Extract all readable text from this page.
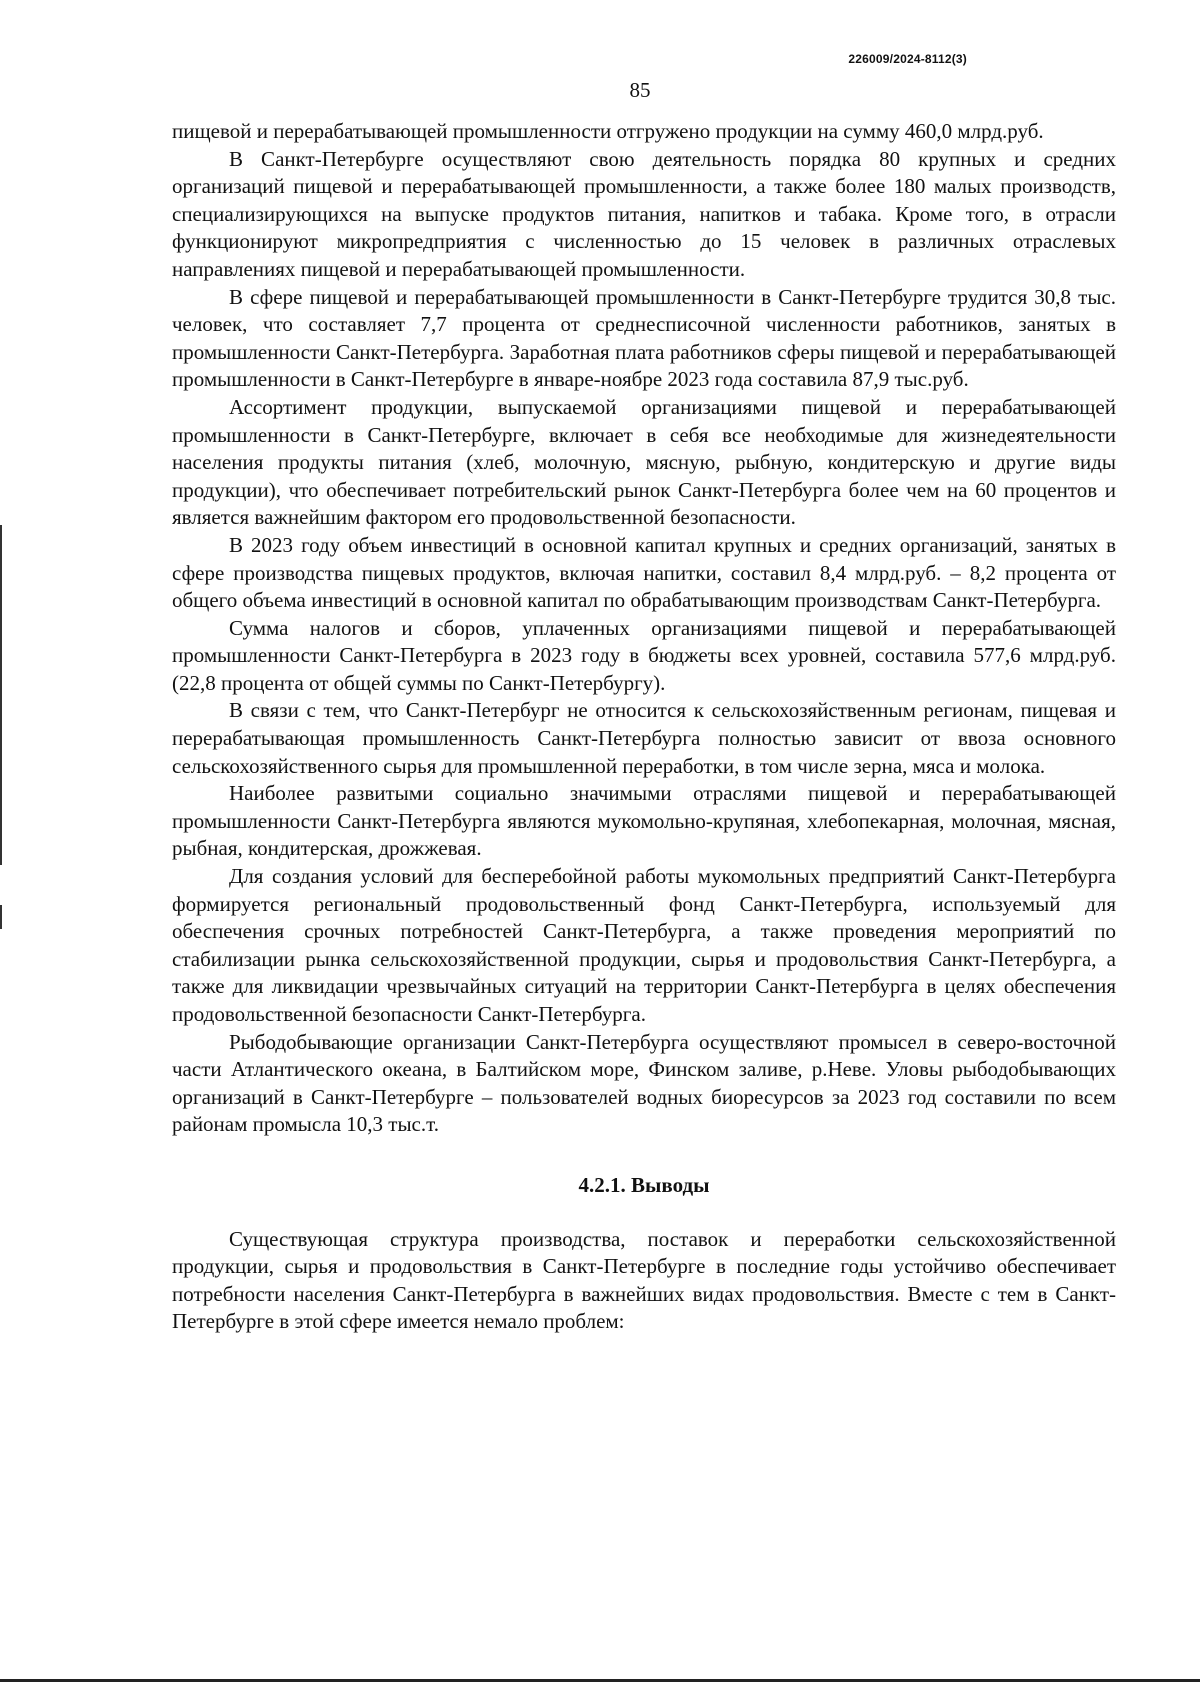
226009/2024-8112(3)
85

пищевой и перерабатывающей промышленности отгружено продукции на сумму 460,0 млрд.руб.

В Санкт-Петербурге осуществляют свою деятельность порядка 80 крупных и средних организаций пищевой и перерабатывающей промышленности, а также более 180 малых производств, специализирующихся на выпуске продуктов питания, напитков и табака. Кроме того, в отрасли функционируют микропредприятия с численностью до 15 человек в различных отраслевых направлениях пищевой и перерабатывающей промышленности.

В сфере пищевой и перерабатывающей промышленности в Санкт-Петербурге трудится 30,8 тыс. человек, что составляет 7,7 процента от среднесписочной численности работников, занятых в промышленности Санкт-Петербурга. Заработная плата работников сферы пищевой и перерабатывающей промышленности в Санкт-Петербурге в январе-ноябре 2023 года составила 87,9 тыс.руб.

Ассортимент продукции, выпускаемой организациями пищевой и перерабатывающей промышленности в Санкт-Петербурге, включает в себя все необходимые для жизнедеятельности населения продукты питания (хлеб, молочную, мясную, рыбную, кондитерскую и другие виды продукции), что обеспечивает потребительский рынок Санкт-Петербурга более чем на 60 процентов и является важнейшим фактором его продовольственной безопасности.

В 2023 году объем инвестиций в основной капитал крупных и средних организаций, занятых в сфере производства пищевых продуктов, включая напитки, составил 8,4 млрд.руб. – 8,2 процента от общего объема инвестиций в основной капитал по обрабатывающим производствам Санкт-Петербурга.

Сумма налогов и сборов, уплаченных организациями пищевой и перерабатывающей промышленности Санкт-Петербурга в 2023 году в бюджеты всех уровней, составила 577,6 млрд.руб. (22,8 процента от общей суммы по Санкт-Петербургу).

В связи с тем, что Санкт-Петербург не относится к сельскохозяйственным регионам, пищевая и перерабатывающая промышленность Санкт-Петербурга полностью зависит от ввоза основного сельскохозяйственного сырья для промышленной переработки, в том числе зерна, мяса и молока.

Наиболее развитыми социально значимыми отраслями пищевой и перерабатывающей промышленности Санкт-Петербурга являются мукомольно-крупяная, хлебопекарная, молочная, мясная, рыбная, кондитерская, дрожжевая.

Для создания условий для бесперебойной работы мукомольных предприятий Санкт-Петербурга формируется региональный продовольственный фонд Санкт-Петербурга, используемый для обеспечения срочных потребностей Санкт-Петербурга, а также проведения мероприятий по стабилизации рынка сельскохозяйственной продукции, сырья и продовольствия Санкт-Петербурга, а также для ликвидации чрезвычайных ситуаций на территории Санкт-Петербурга в целях обеспечения продовольственной безопасности Санкт-Петербурга.

Рыбодобывающие организации Санкт-Петербурга осуществляют промысел в северо-восточной части Атлантического океана, в Балтийском море, Финском заливе, р.Неве. Уловы рыбодобывающих организаций в Санкт-Петербурге – пользователей водных биоресурсов за 2023 год составили по всем районам промысла 10,3 тыс.т.

4.2.1. Выводы

Существующая структура производства, поставок и переработки сельскохозяйственной продукции, сырья и продовольствия в Санкт-Петербурге в последние годы устойчиво обеспечивает потребности населения Санкт-Петербурга в важнейших видах продовольствия. Вместе с тем в Санкт-Петербурге в этой сфере имеется немало проблем:
